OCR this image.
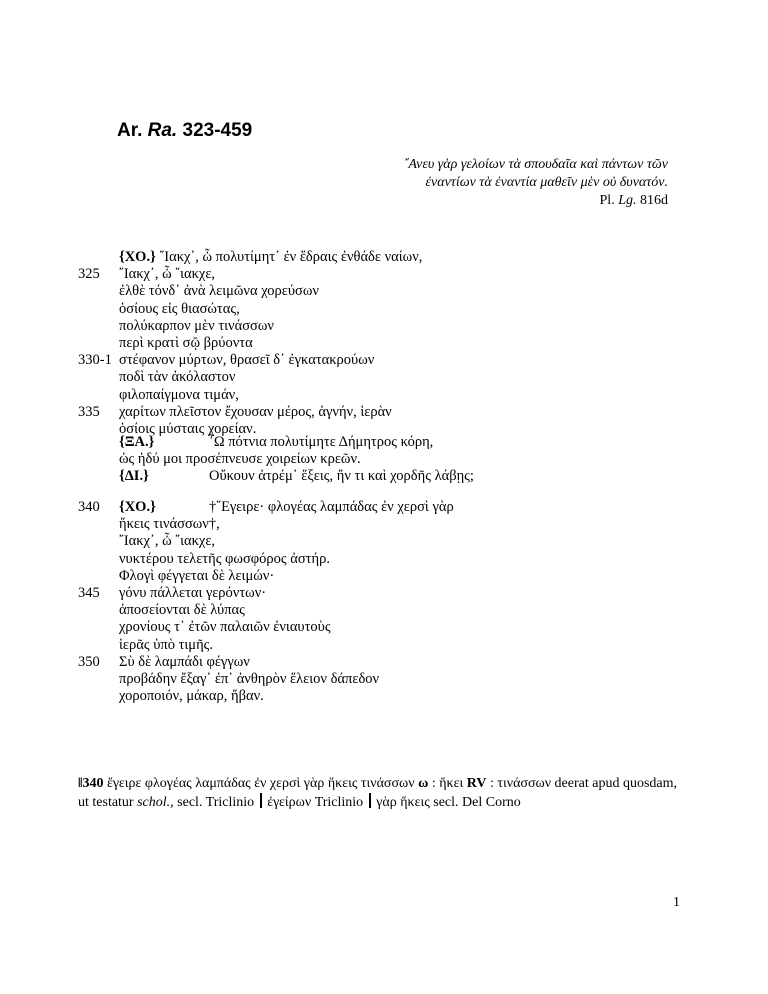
Ar. Ra. 323-459
῎Ανευ γὰρ γελοίων τὰ σπουδαῖα καὶ πάντων τῶν
ἐναντίων τὰ ἐναντία μαθεῖν μὲν οὐ δυνατόν.
Pl. Lg. 816d
{ΧΟ.} ῎Ιακχ᾽, ὦ πολυτίμητ᾽ ἐν ἕδραις ἐνθάδε ναίων,
325 ῎Ιακχ᾽, ὦ ῎ιακχε,
ἐλθὲ τόνδ᾽ ἀνὰ λειμῶνα χορεύσων
ὁσίους εἰς θιασώτας,
πολύκαρπον μὲν τινάσσων
περὶ κρατὶ σῷ βρύοντα
330-1 στέφανον μύρτων, θρασεῖ δ᾽ ἐγκατακρούων
ποδὶ τὰν ἀκόλαστον
φιλοπαίγμονα τιμάν,
335 χαρίτων πλεῖστον ἔχουσαν μέρος, ἁγνήν, ἱερὰν
ὁσίοις μύσταις χορείαν.
{ΞΑ.}	῏Ω πότνια πολυτίμητε Δήμητρος κόρη,
ὡς ἡδύ μοι προσέπνευσε χοιρείων κρεῶν.
{ΔΙ.}	Οὔκουν ἀτρέμ᾽ ἕξεις, ἤν τι καὶ χορδῆς λάβῃς;
340 {ΧΟ.}	†῎Εγειρε· φλογέας λαμπάδας ἐν χερσὶ γὰρ
ἥκεις τινάσσων†,
῎Ιακχ᾽, ὦ ῎ιακχε,
νυκτέρου τελετῆς φωσφόρος ἀστήρ.
Φλογὶ φέγγεται δὲ λειμών·
345 γόνυ πάλλεται γερόντων·
ἀποσείονται δὲ λύπας
χρονίους τ᾽ ἐτῶν παλαιῶν ἐνιαυτοὺς
ἱερᾶς ὑπὸ τιμῆς.
350 Σὺ δὲ λαμπάδι φέγγων
προβάδην ἔξαγ᾽ ἐπ᾽ ἀνθηρὸν ἕλειον δάπεδον
χοροποιόν, μάκαρ, ἥβαν.
‖340 ἔγειρε φλογέας λαμπάδας ἐν χερσὶ γὰρ ἥκεις τινάσσων ω : ἥκει RV : τινάσσων deerat apud quosdam, ut testatur schol., secl. Triclinio  ἐγείρων Triclinio  γὰρ ἥκεις secl. Del Corno
1
